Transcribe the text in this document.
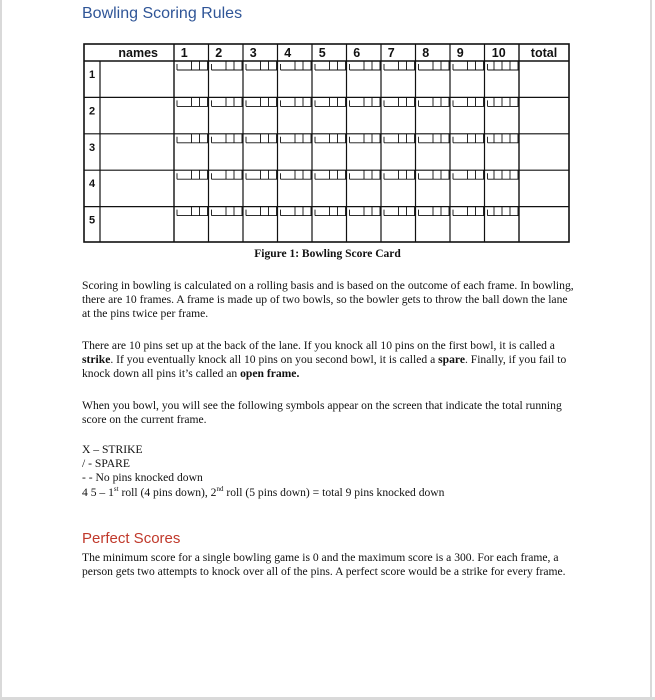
Bowling Scoring Rules
names 1 2 3 4 5 6 7 8 9 10 total
1
2
3
4
5
Figure 1: Bowling Score Card

Scoring in bowling is calculated on a rolling basis and is based on the outcome of each frame. In bowling, there are 10 frames. A frame is made up of two bowls, so the bowler gets to throw the ball down the lane at the pins twice per frame.

There are 10 pins set up at the back of the lane. If you knock all 10 pins on the first bowl, it is called a strike. If you eventually knock all 10 pins on you second bowl, it is called a spare. Finally, if you fail to knock down all pins it’s called an open frame.

When you bowl, you will see the following symbols appear on the screen that indicate the total running score on the current frame.

X – STRIKE
/ - SPARE
- - No pins knocked down
4 5 – 1st roll (4 pins down), 2nd roll (5 pins down) = total 9 pins knocked down
Perfect Scores

The minimum score for a single bowling game is 0 and the maximum score is a 300. For each frame, a person gets two attempts to knock over all of the pins. A perfect score would be a strike for every frame.
